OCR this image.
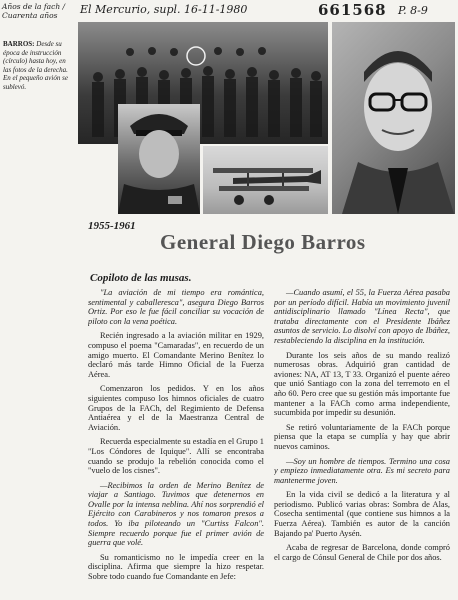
Años de la fach / Cuarenta años	El Mercurio, supl. 16-11-1980	661568 P. 8-9
BARROS: Desde su época de instrucción (círculo) hasta hoy, en las fotos de la derecha. En el pequeño avión se sublevó.
1955-1961
General Diego Barros
Copiloto de las musas.

"La aviación de mi tiempo era romántica, sentimental y caballeresca", asegura Diego Barros Ortiz. Por eso le fue fácil conciliar su vocación de piloto con la vena poética.

Recién ingresado a la aviación militar en 1929, compuso el poema "Camaradas", en recuerdo de un amigo muerto. El Comandante Merino Benítez lo declaró más tarde Himno Oficial de la Fuerza Aérea.

Comenzaron los pedidos. Y en los años siguientes compuso los himnos oficiales de cuatro Grupos de la FACh, del Regimiento de Defensa Antiaérea y el de la Maestranza Central de Aviación.

Recuerda especialmente su estadía en el Grupo 1 "Los Cóndores de Iquique". Allí se encontraba cuando se produjo la rebelión conocida como el "vuelo de los cisnes".

—Recibimos la orden de Merino Benítez de viajar a Santiago. Tuvimos que detenernos en Ovalle por la intensa neblina. Ahí nos sorprendió el Ejército con Carabineros y nos tomaron presos a todos. Yo iba piloteando un "Curtiss Falcon". Siempre recuerdo porque fue el primer avión de guerra que volé.

Su romanticismo no le impedía creer en la disciplina. Afirma que siempre la hizo respetar. Sobre todo cuando fue Comandante en Jefe:

—Cuando asumí, el 55, la Fuerza Aérea pasaba por un período difícil. Había un movimiento juvenil antidisciplinario llamado "Línea Recta", que trataba directamente con el Presidente Ibáñez asuntos de servicio. Lo disolví con apoyo de Ibáñez, restableciendo la disciplina en la institución.

Durante los seis años de su mando realizó numerosas obras. Adquirió gran cantidad de aviones: NA, AT 13, T 33. Organizó el puente aéreo que unió Santiago con la zona del terremoto en el año 60. Pero cree que su gestión más importante fue mantener a la FACh como arma independiente, sucumbida por impedir su desunión.

Se retiró voluntariamente de la FACh porque piensa que la etapa se cumplía y hay que abrir nuevos caminos.

—Soy un hombre de tiempos. Termino una cosa y empiezo inmediatamente otra. Es mi secreto para mantenerme joven.

En la vida civil se dedicó a la literatura y al periodismo. Publicó varias obras: Sombra de Alas, Cosecha sentimental (que contiene sus himnos a la Fuerza Aérea). También es autor de la canción Bajando pa' Puerto Aysén.

Acaba de regresar de Barcelona, donde compró el cargo de Cónsul General de Chile por dos años.
